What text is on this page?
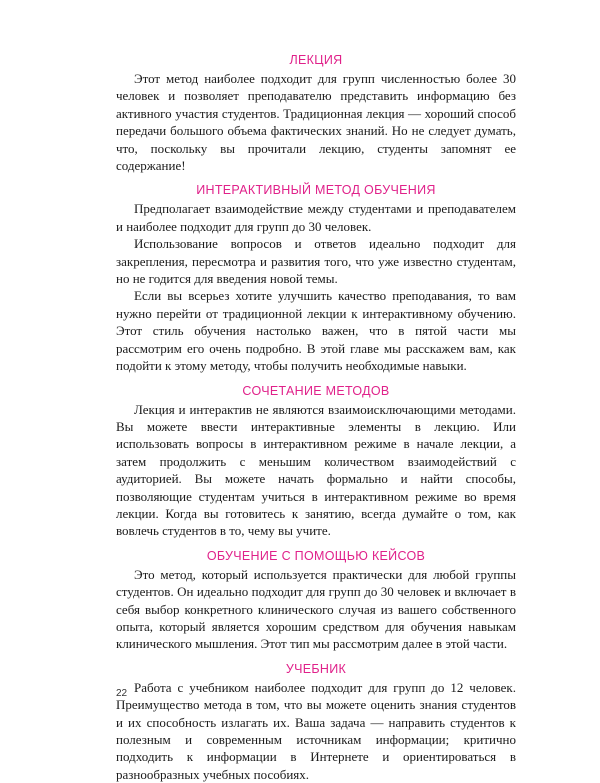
ЛЕКЦИЯ

Этот метод наиболее подходит для групп численностью более 30 человек и позволяет преподавателю представить информацию без активного участия студентов. Традиционная лекция — хороший способ передачи большого объема фактических знаний. Но не следует думать, что, поскольку вы прочитали лекцию, студенты запомнят ее содержание!

ИНТЕРАКТИВНЫЙ МЕТОД ОБУЧЕНИЯ

Предполагает взаимодействие между студентами и преподавателем и наиболее подходит для групп до 30 человек.

Использование вопросов и ответов идеально подходит для закрепления, пересмотра и развития того, что уже известно студентам, но не годится для введения новой темы.

Если вы всерьез хотите улучшить качество преподавания, то вам нужно перейти от традиционной лекции к интерактивному обучению. Этот стиль обучения настолько важен, что в пятой части мы рассмотрим его очень подробно. В этой главе мы расскажем вам, как подойти к этому методу, чтобы получить необходимые навыки.

СОЧЕТАНИЕ МЕТОДОВ

Лекция и интерактив не являются взаимоисключающими методами. Вы можете ввести интерактивные элементы в лекцию. Или использовать вопросы в интерактивном режиме в начале лекции, а затем продолжить с меньшим количеством взаимодействий с аудиторией. Вы можете начать формально и найти способы, позволяющие студентам учиться в интерактивном режиме во время лекции. Когда вы готовитесь к занятию, всегда думайте о том, как вовлечь студентов в то, чему вы учите.

ОБУЧЕНИЕ С ПОМОЩЬЮ КЕЙСОВ

Это метод, который используется практически для любой группы студентов. Он идеально подходит для групп до 30 человек и включает в себя выбор конкретного клинического случая из вашего собственного опыта, который является хорошим средством для обучения навыкам клинического мышления. Этот тип мы рассмотрим далее в этой части.

УЧЕБНИК

Работа с учебником наиболее подходит для групп до 12 человек. Преимущество метода в том, что вы можете оценить знания студентов и их способность излагать их. Ваша задача — направить студентов к полезным и современным источникам информации; критично подходить к информации в Интернете и ориентироваться в разнообразных учебных пособиях.

22
